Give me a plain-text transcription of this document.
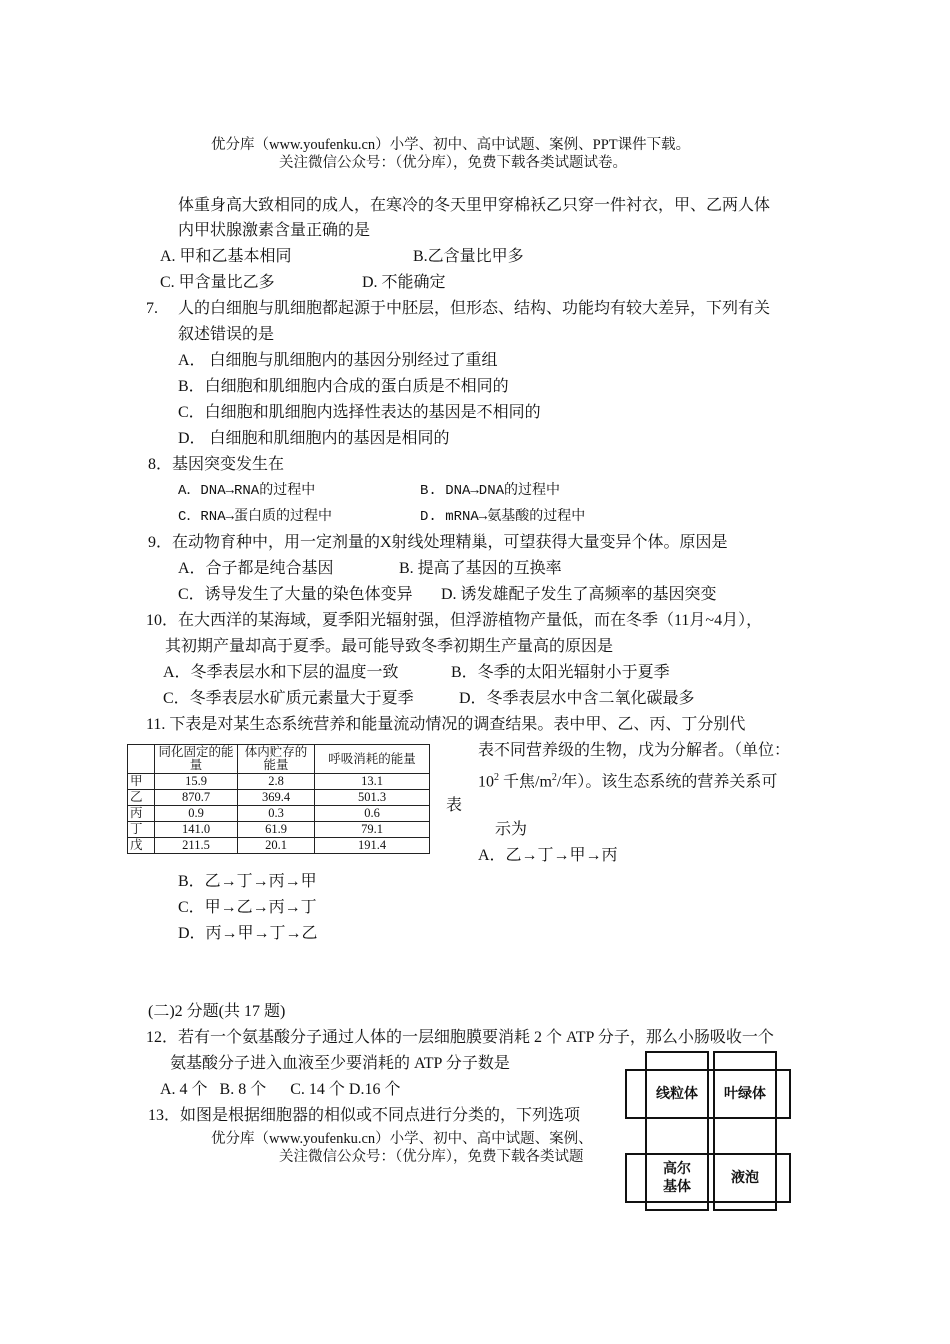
优分库（www.youfenku.cn）小学、初中、高中试题、案例、PPT课件下载。
关注微信公众号：（优分库），免费下载各类试题试卷。
体重身高大致相同的成人，在寒冷的冬天里甲穿棉袄乙只穿一件衬衣，甲、乙两人体
内甲状腺激素含量正确的是
A. 甲和乙基本相同	B.乙含量比甲多
C. 甲含量比乙多	D. 不能确定
7. 人的白细胞与肌细胞都起源于中胚层，但形态、结构、功能均有较大差异，下列有关
叙述错误的是
A． 白细胞与肌细胞内的基因分别经过了重组
B．白细胞和肌细胞内合成的蛋白质是不相同的
C．白细胞和肌细胞内选择性表达的基因是不相同的
D． 白细胞和肌细胞内的基因是相同的
8．基因突变发生在
A．DNA→RNA的过程中	B. DNA→DNA的过程中
C．RNA→蛋白质的过程中	D. mRNA→氨基酸的过程中
9．在动物育种中，用一定剂量的X射线处理精巢，可望获得大量变异个体。原因是
A．合子都是纯合基因	B. 提高了基因的互换率
C．诱导发生了大量的染色体变异 D. 诱发雄配子发生了高频率的基因突变
10．在大西洋的某海域，夏季阳光辐射强，但浮游植物产量低，而在冬季（11月~4月），
其初期产量却高于夏季。最可能导致冬季初期生产量高的原因是
A．冬季表层水和下层的温度一致	B．冬季的太阳光辐射小于夏季
C．冬季表层水矿质元素量大于夏季	D．冬季表层水中含二氧化碳最多
11. 下表是对某生态系统营养和能量流动情况的调查结果。表中甲、乙、丙、丁分别代
	同化固定的能量	体内贮存的能量	呼吸消耗的能量
甲	15.9	2.8	13.1
乙	870.7	369.4	501.3
丙	0.9	0.3	0.6
丁	141.0	61.9	79.1
戊	211.5	20.1	191.4
表
表不同营养级的生物，戊为分解者。（单位：
$10^2$ 千焦$/m^2/$年）。该生态系统的营养关系可
示为
A．乙→丁→甲→丙
B．乙→丁→丙→甲
C．甲→乙→丙→丁
D．丙→甲→丁→乙
(二)2 分题(共 17 题)
12．若有一个氨基酸分子通过人体的一层细胞膜要消耗 2 个 ATP 分子，那么小肠吸收一个
氨基酸分子进入血液至少要消耗的 ATP 分子数是
A. 4 个   B. 8 个      C. 14 个 D.16 个
13．如图是根据细胞器的相似或不同点进行分类的，下列选项
优分库（www.youfenku.cn）小学、初中、高中试题、案例、
关注微信公众号：（优分库），免费下载各类试题
线粒体	叶绿体
高尔
基体
液泡
